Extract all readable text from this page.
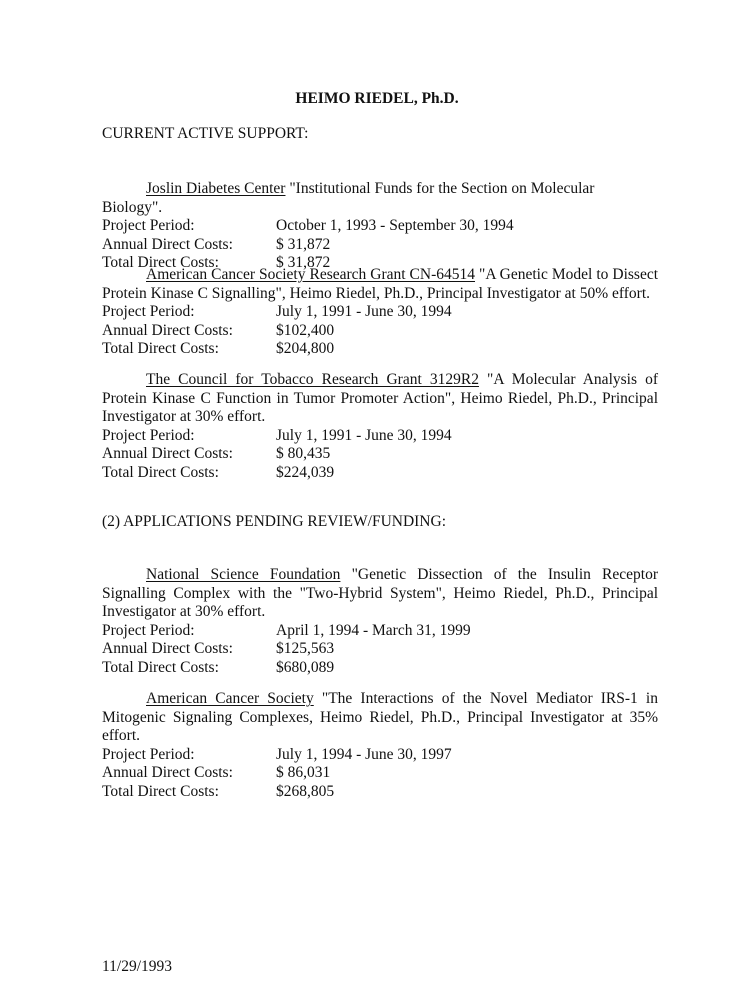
HEIMO RIEDEL, Ph.D.
CURRENT ACTIVE SUPPORT:
Joslin Diabetes Center "Institutional Funds for the Section on Molecular Biology".
Project Period:	October 1, 1993 - September 30, 1994
Annual Direct Costs:	$ 31,872
Total Direct Costs:	$ 31,872
American Cancer Society Research Grant CN-64514 "A Genetic Model to Dissect Protein Kinase C Signalling", Heimo Riedel, Ph.D., Principal Investigator at 50% effort.
Project Period:	July 1, 1991 - June 30, 1994
Annual Direct Costs:	$102,400
Total Direct Costs:	$204,800
The Council for Tobacco Research Grant 3129R2 "A Molecular Analysis of Protein Kinase C Function in Tumor Promoter Action", Heimo Riedel, Ph.D., Principal Investigator at 30% effort.
Project Period:	July 1, 1991 - June 30, 1994
Annual Direct Costs:	$ 80,435
Total Direct Costs:	$224,039
(2) APPLICATIONS PENDING REVIEW/FUNDING:
National Science Foundation "Genetic Dissection of the Insulin Receptor Signalling Complex with the "Two-Hybrid System", Heimo Riedel, Ph.D., Principal Investigator at 30% effort.
Project Period:	April 1, 1994 - March 31, 1999
Annual Direct Costs:	$125,563
Total Direct Costs:	$680,089
American Cancer Society "The Interactions of the Novel Mediator IRS-1 in Mitogenic Signaling Complexes, Heimo Riedel, Ph.D., Principal Investigator at 35% effort.
Project Period:	July 1, 1994 - June 30, 1997
Annual Direct Costs:	$ 86,031
Total Direct Costs:	$268,805
11/29/1993
